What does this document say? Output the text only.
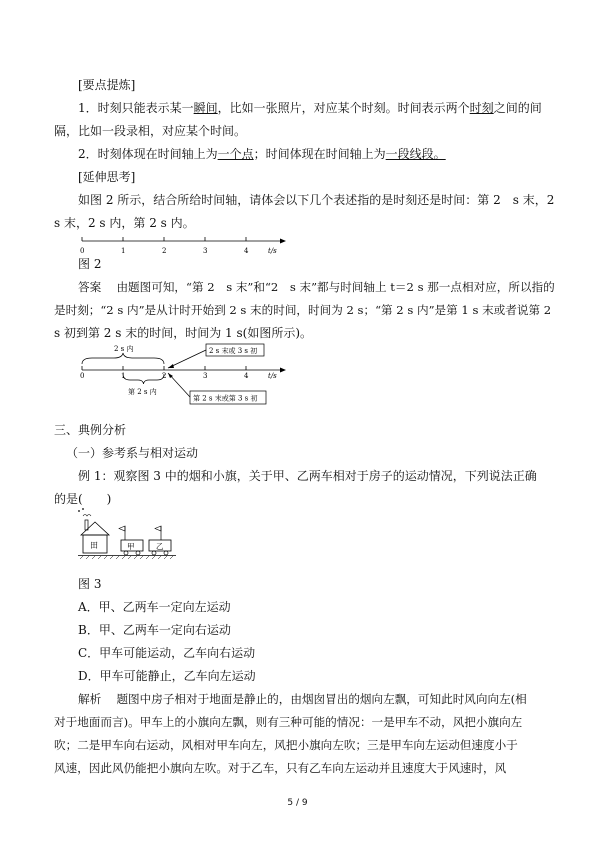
[要点提炼]
1．时刻只能表示某一瞬间，比如一张照片，对应某个时刻。时间表示两个时刻之间的间
隔，比如一段录相，对应某个时间。
2．时刻体现在时间轴上为一个点；时间体现在时间轴上为一段线段。
[延伸思考]
如图 2 所示，结合所给时间轴，请体会以下几个表述指的是时刻还是时间：第 2　s 末，2
s 末，2 s 内，第 2 s 内。
0	1	2	3	4	t/s
图 2
答案　 由题图可知，“第 2　s 末”和“2　s 末”都与时间轴上 t＝2 s 那一点相对应，所以指的
是时刻；“2 s 内”是从计时开始到 2 s 末的时间，时间为 2 s；“第 2 s 内”是第 1 s 末或者说第 2
s 初到第 2 s 末的时间，时间为 1 s(如图所示)。
2 s 内	2 s 末或 3 s 初
0	1	2	3	4	t/s
第 2 s 内
第 2 s 末或第 3 s 初
三、典例分析
（一）参考系与相对运动
例 1：观察图 3 中的烟和小旗，关于甲、乙两车相对于房子的运动情况，下列说法正确
的是(　　)
田	甲	乙
图 3
A．甲、乙两车一定向左运动
B．甲、乙两车一定向右运动
C．甲车可能运动，乙车向右运动
D．甲车可能静止，乙车向左运动
解析　 题图中房子相对于地面是静止的，由烟囱冒出的烟向左飘，可知此时风向向左(相
对于地面而言)。甲车上的小旗向左飘，则有三种可能的情况：一是甲车不动，风把小旗向左
吹；二是甲车向右运动，风相对甲车向左，风把小旗向左吹；三是甲车向左运动但速度小于
风速，因此风仍能把小旗向左吹。对于乙车，只有乙车向左运动并且速度大于风速时，风
5 / 9
